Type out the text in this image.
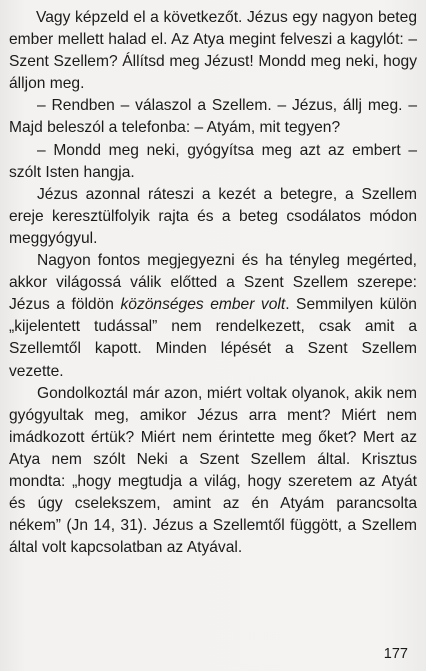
Vagy képzeld el a következőt. Jézus egy nagyon beteg ember mellett halad el. Az Atya megint felveszi a kagylót: – Szent Szellem? Állítsd meg Jézust! Mondd meg neki, hogy álljon meg.

– Rendben – válaszol a Szellem. – Jézus, állj meg. – Majd beleszól a telefonba: – Atyám, mit tegyen?

– Mondd meg neki, gyógyítsa meg azt az embert – szólt Isten hangja.

Jézus azonnal ráteszi a kezét a betegre, a Szellem ereje keresztülfolyik rajta és a beteg csodálatos módon meggyógyul.

Nagyon fontos megjegyezni és ha tényleg megérted, akkor világossá válik előtted a Szent Szellem szerepe: Jézus a földön közönséges ember volt. Semmilyen külön „kijelentett tudással” nem rendelkezett, csak amit a Szellemtől kapott. Minden lépését a Szent Szellem vezette.

Gondolkoztál már azon, miért voltak olyanok, akik nem gyógyultak meg, amikor Jézus arra ment? Miért nem imádkozott értük? Miért nem érintette meg őket? Mert az Atya nem szólt Neki a Szent Szellem által. Krisztus mondta: „hogy megtudja a világ, hogy szeretem az Atyát és úgy cselekszem, amint az én Atyám parancsolta nékem” (Jn 14, 31). Jézus a Szellemtől függött, a Szellem által volt kapcsolatban az Atyával.

177
